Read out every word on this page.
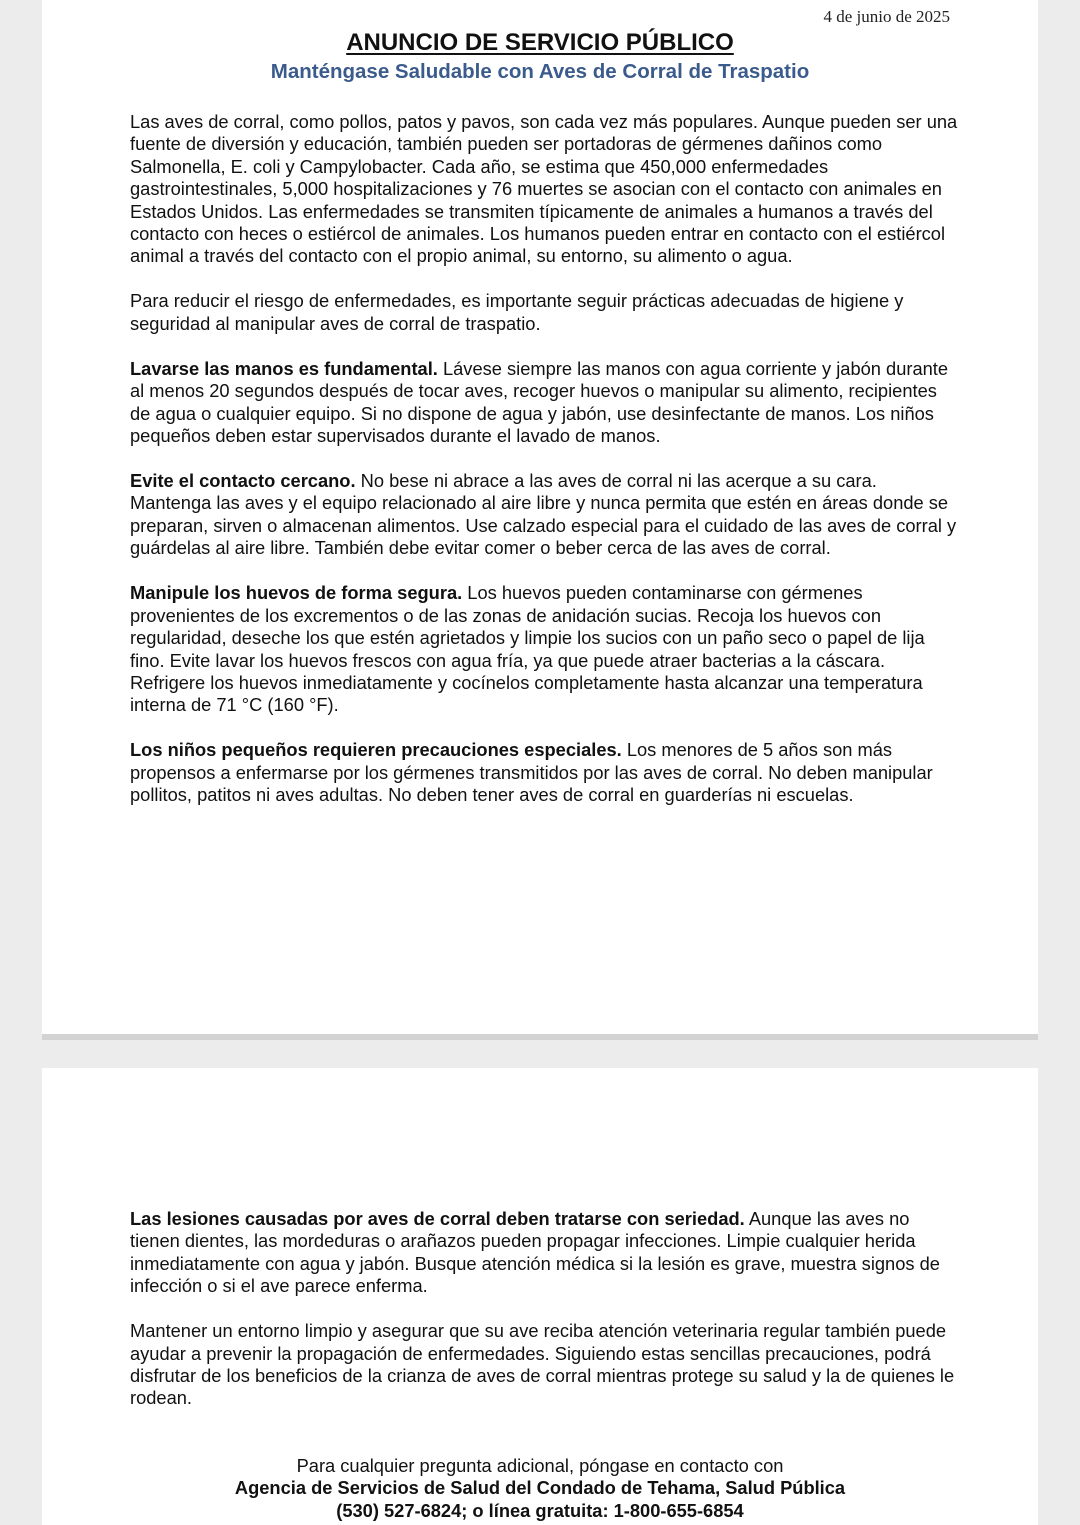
4 de junio de 2025
ANUNCIO DE SERVICIO PÚBLICO
Manténgase Saludable con Aves de Corral de Traspatio

Las aves de corral, como pollos, patos y pavos, son cada vez más populares. Aunque pueden ser una fuente de diversión y educación, también pueden ser portadoras de gérmenes dañinos como Salmonella, E. coli y Campylobacter. Cada año, se estima que 450,000 enfermedades gastrointestinales, 5,000 hospitalizaciones y 76 muertes se asocian con el contacto con animales en Estados Unidos. Las enfermedades se transmiten típicamente de animales a humanos a través del contacto con heces o estiércol de animales. Los humanos pueden entrar en contacto con el estiércol animal a través del contacto con el propio animal, su entorno, su alimento o agua.

Para reducir el riesgo de enfermedades, es importante seguir prácticas adecuadas de higiene y seguridad al manipular aves de corral de traspatio.

Lavarse las manos es fundamental. Lávese siempre las manos con agua corriente y jabón durante al menos 20 segundos después de tocar aves, recoger huevos o manipular su alimento, recipientes de agua o cualquier equipo. Si no dispone de agua y jabón, use desinfectante de manos. Los niños pequeños deben estar supervisados durante el lavado de manos.

Evite el contacto cercano. No bese ni abrace a las aves de corral ni las acerque a su cara. Mantenga las aves y el equipo relacionado al aire libre y nunca permita que estén en áreas donde se preparan, sirven o almacenan alimentos. Use calzado especial para el cuidado de las aves de corral y guárdelas al aire libre. También debe evitar comer o beber cerca de las aves de corral.

Manipule los huevos de forma segura. Los huevos pueden contaminarse con gérmenes provenientes de los excrementos o de las zonas de anidación sucias. Recoja los huevos con regularidad, deseche los que estén agrietados y limpie los sucios con un paño seco o papel de lija fino. Evite lavar los huevos frescos con agua fría, ya que puede atraer bacterias a la cáscara. Refrigere los huevos inmediatamente y cocínelos completamente hasta alcanzar una temperatura interna de 71 °C (160 °F).

Los niños pequeños requieren precauciones especiales. Los menores de 5 años son más propensos a enfermarse por los gérmenes transmitidos por las aves de corral. No deben manipular pollitos, patitos ni aves adultas. No deben tener aves de corral en guarderías ni escuelas.

Las lesiones causadas por aves de corral deben tratarse con seriedad. Aunque las aves no tienen dientes, las mordeduras o arañazos pueden propagar infecciones. Limpie cualquier herida inmediatamente con agua y jabón. Busque atención médica si la lesión es grave, muestra signos de infección o si el ave parece enferma.

Mantener un entorno limpio y asegurar que su ave reciba atención veterinaria regular también puede ayudar a prevenir la propagación de enfermedades. Siguiendo estas sencillas precauciones, podrá disfrutar de los beneficios de la crianza de aves de corral mientras protege su salud y la de quienes le rodean.

Para cualquier pregunta adicional, póngase en contacto con
Agencia de Servicios de Salud del Condado de Tehama, Salud Pública
(530) 527-6824; o línea gratuita: 1-800-655-6854
